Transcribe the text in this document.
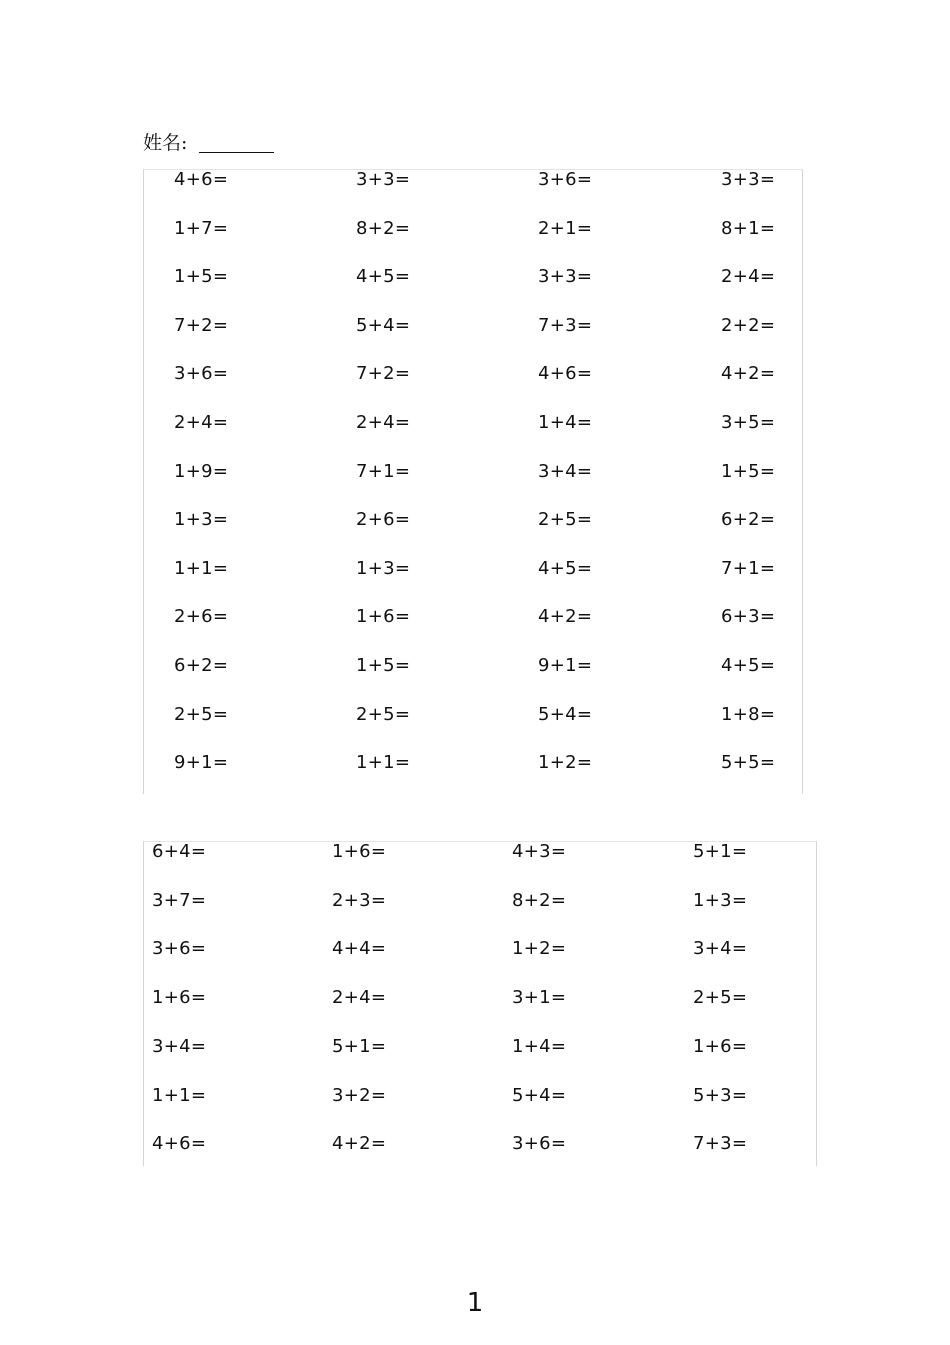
姓名:
4+6=	3+3=	3+6=	3+3=
1+7=	8+2=	2+1=	8+1=
1+5=	4+5=	3+3=	2+4=
7+2=	5+4=	7+3=	2+2=
3+6=	7+2=	4+6=	4+2=
2+4=	2+4=	1+4=	3+5=
1+9=	7+1=	3+4=	1+5=
1+3=	2+6=	2+5=	6+2=
1+1=	1+3=	4+5=	7+1=
2+6=	1+6=	4+2=	6+3=
6+2=	1+5=	9+1=	4+5=
2+5=	2+5=	5+4=	1+8=
9+1=	1+1=	1+2=	5+5=
6+4=	1+6=	4+3=	5+1=
3+7=	2+3=	8+2=	1+3=
3+6=	4+4=	1+2=	3+4=
1+6=	2+4=	3+1=	2+5=
3+4=	5+1=	1+4=	1+6=
1+1=	3+2=	5+4=	5+3=
4+6=	4+2=	3+6=	7+3=
1
